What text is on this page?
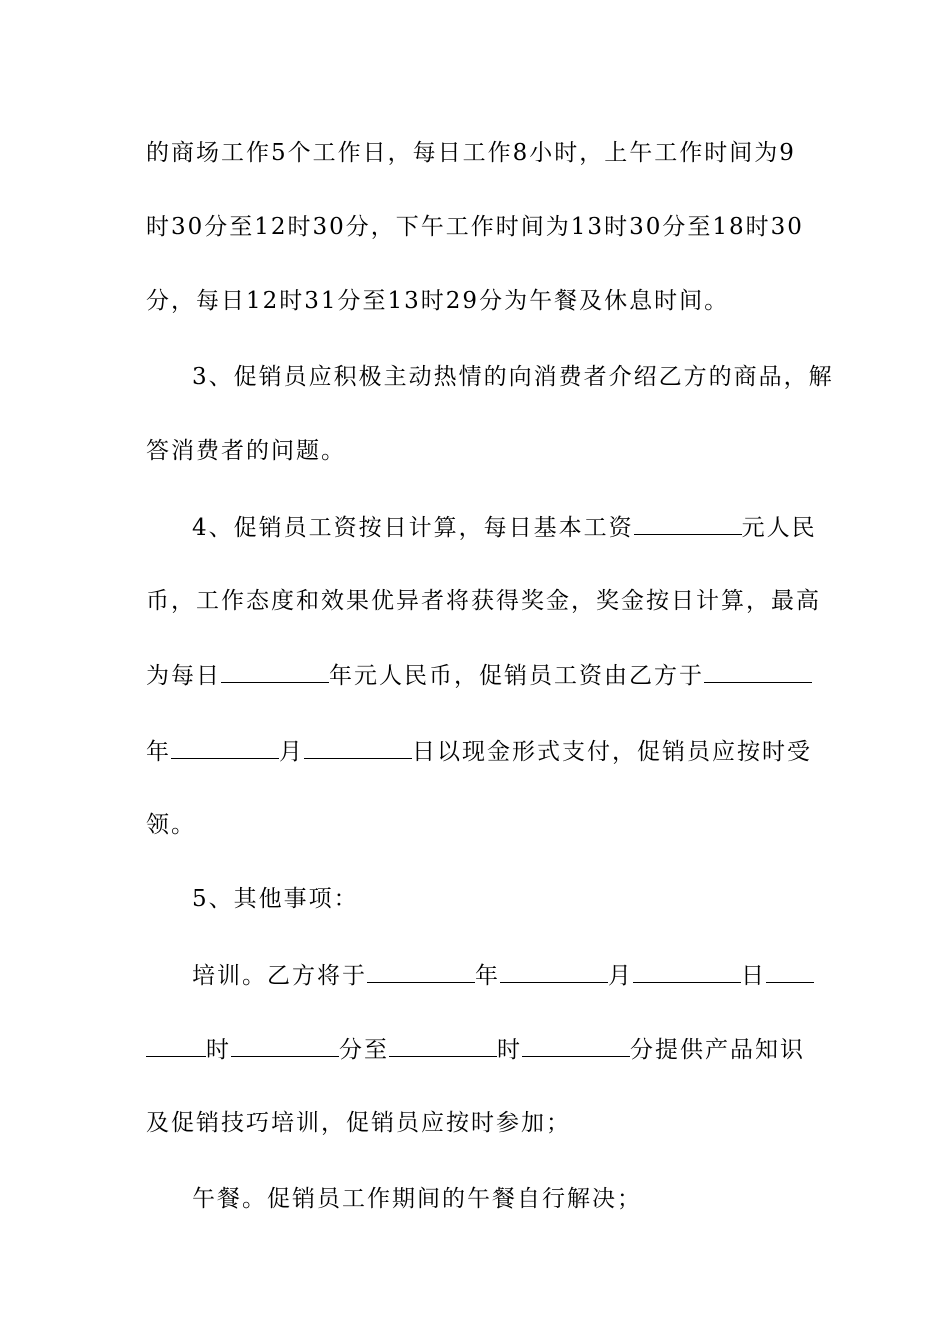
的商场工作5个工作日，每日工作8小时，上午工作时间为9
时30分至12时30分，下午工作时间为13时30分至18时30
分，每日12时31分至13时29分为午餐及休息时间。
3、促销员应积极主动热情的向消费者介绍乙方的商品，解
答消费者的问题。
4、促销员工资按日计算，每日基本工资	元人民
币，工作态度和效果优异者将获得奖金，奖金按日计算，最高
为每日	年元人民币，促销员工资由乙方于
年	月	日以现金形式支付，促销员应按时受
领。
5、其他事项：
培训。乙方将于	年	月	日
时	分至	时	分提供产品知识
及促销技巧培训，促销员应按时参加；
午餐。促销员工作期间的午餐自行解决；
